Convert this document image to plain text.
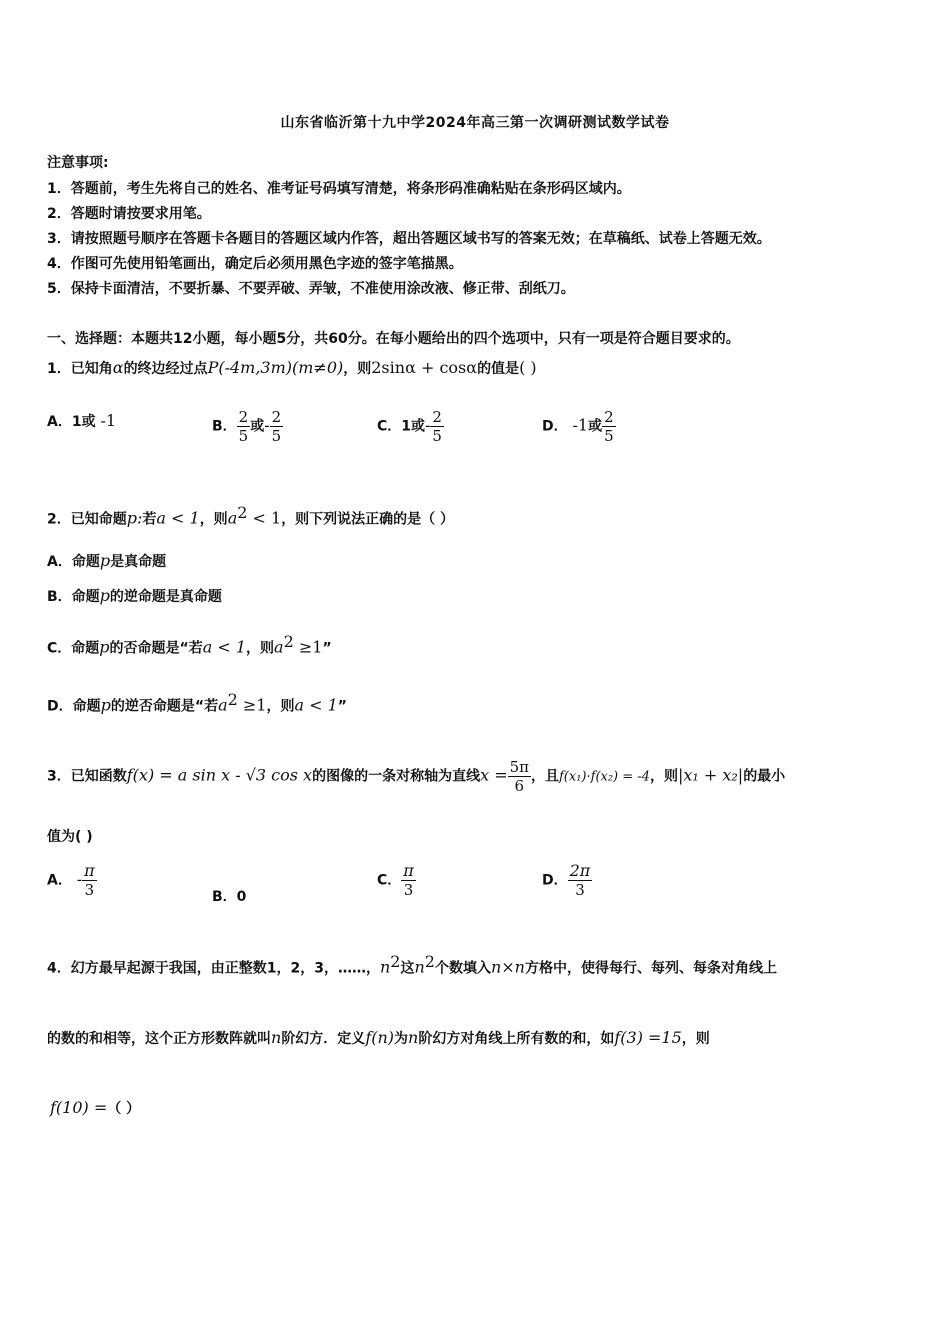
山东省临沂第十九中学2024年高三第一次调研测试数学试卷
注意事项:
1．答题前，考生先将自己的姓名、准考证号码填写清楚，将条形码准确粘贴在条形码区域内。
2．答题时请按要求用笔。
3．请按照题号顺序在答题卡各题目的答题区域内作答，超出答题区域书写的答案无效；在草稿纸、试卷上答题无效。
4．作图可先使用铅笔画出，确定后必须用黑色字迹的签字笔描黑。
5．保持卡面清洁，不要折暴、不要弄破、弄皱，不准使用涂改液、修正带、刮纸刀。
一、选择题：本题共12小题，每小题5分，共60分。在每小题给出的四个选项中，只有一项是符合题目要求的。
1．已知角α的终边经过点P(-4m,3m)(m≠0)，则2sinα + cosα的值是( )
A．1或 -1	B． $\frac{2}{5}$ 或- $\frac{2}{5}$	C．1或- $\frac{2}{5}$	D． -1或 $\frac{2}{5}$
2．已知命题p:若a < 1，则$a^2 < 1$，则下列说法正确的是（ ）
A．命题p是真命题
B．命题p的逆命题是真命题
C．命题p的否命题是“若a < 1，则$a^2 \ge 1$”
D．命题p的逆否命题是“若$a^2 \ge 1$，则a < 1”
3．已知函数f(x) = a sin x - √3 cos x的图像的一条对称轴为直线$x = \frac{5\pi}{6}$ ，且f(x₁)·f(x₂) = -4，则|x₁ + x₂|的最小
值为( )
A． - $\frac{\pi}{3}$	B．0
C． $\frac{\pi}{3}$	D． $\frac{2\pi}{3}$
4．幻方最早起源于我国，由正整数1，2，3，……，$n^2$这$n^2$个数填入n×n方格中，使得每行、每列、每条对角线上
的数的和相等，这个正方形数阵就叫n阶幻方．定义f(n)为n阶幻方对角线上所有数的和，如f(3) =15，则
f(10) =（ ）
